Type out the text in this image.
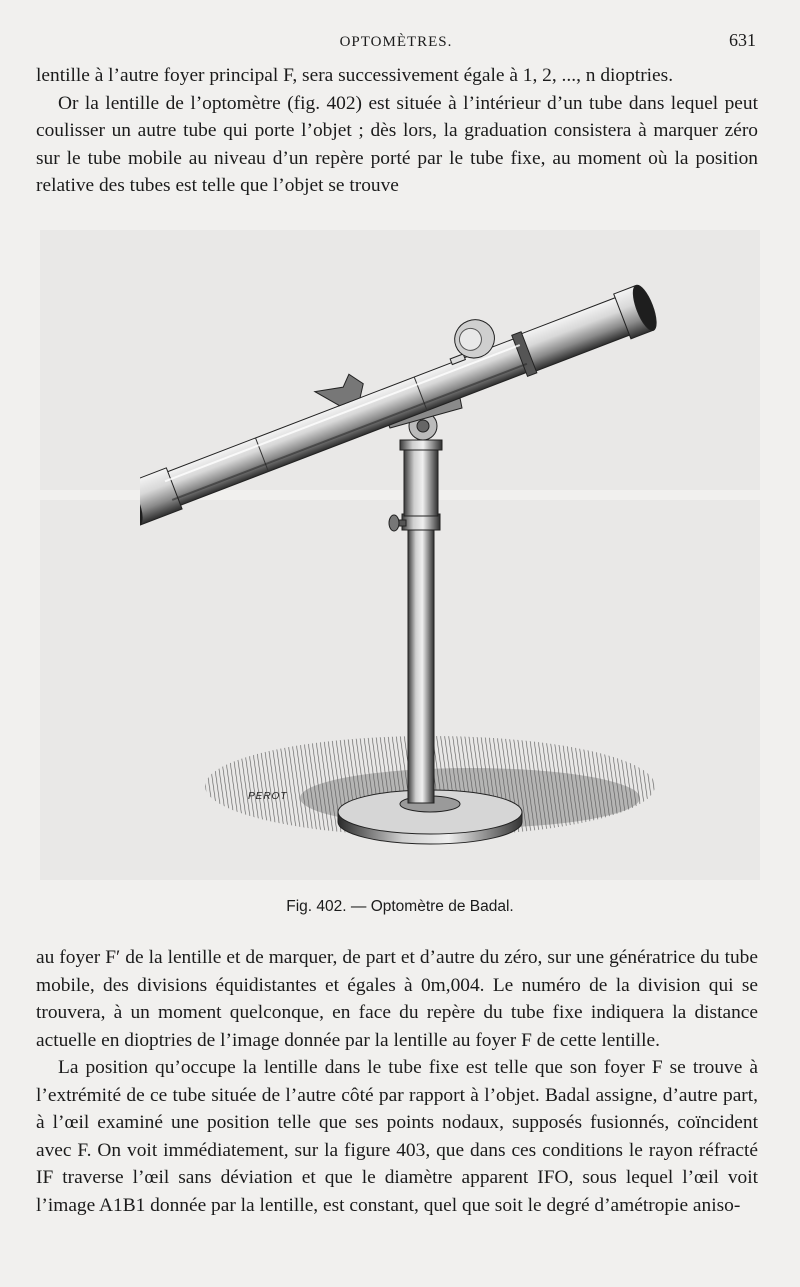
OPTOMÈTRES.	631

lentille à l’autre foyer principal F, sera successivement égale à 1, 2, ..., n dioptries.

Or la lentille de l’optomètre (fig. 402) est située à l’intérieur d’un tube dans lequel peut coulisser un autre tube qui porte l’objet ; dès lors, la graduation consistera à marquer zéro sur le tube mobile au niveau d’un repère porté par le tube fixe, au moment où la position relative des tubes est telle que l’objet se trouve

PEROT
Fig. 402. — Optomètre de Badal.

au foyer F′ de la lentille et de marquer, de part et d’autre du zéro, sur une génératrice du tube mobile, des divisions équidistantes et égales à 0m,004. Le numéro de la division qui se trouvera, à un moment quelconque, en face du repère du tube fixe indiquera la distance actuelle en dioptries de l’image donnée par la lentille au foyer F de cette lentille.

La position qu’occupe la lentille dans le tube fixe est telle que son foyer F se trouve à l’extrémité de ce tube située de l’autre côté par rapport à l’objet. Badal assigne, d’autre part, à l’œil examiné une position telle que ses points nodaux, supposés fusionnés, coïncident avec F. On voit immédiatement, sur la figure 403, que dans ces conditions le rayon réfracté IF traverse l’œil sans déviation et que le diamètre apparent IFO, sous lequel l’œil voit l’image A1B1 donnée par la lentille, est constant, quel que soit le degré d’amétropie aniso-
